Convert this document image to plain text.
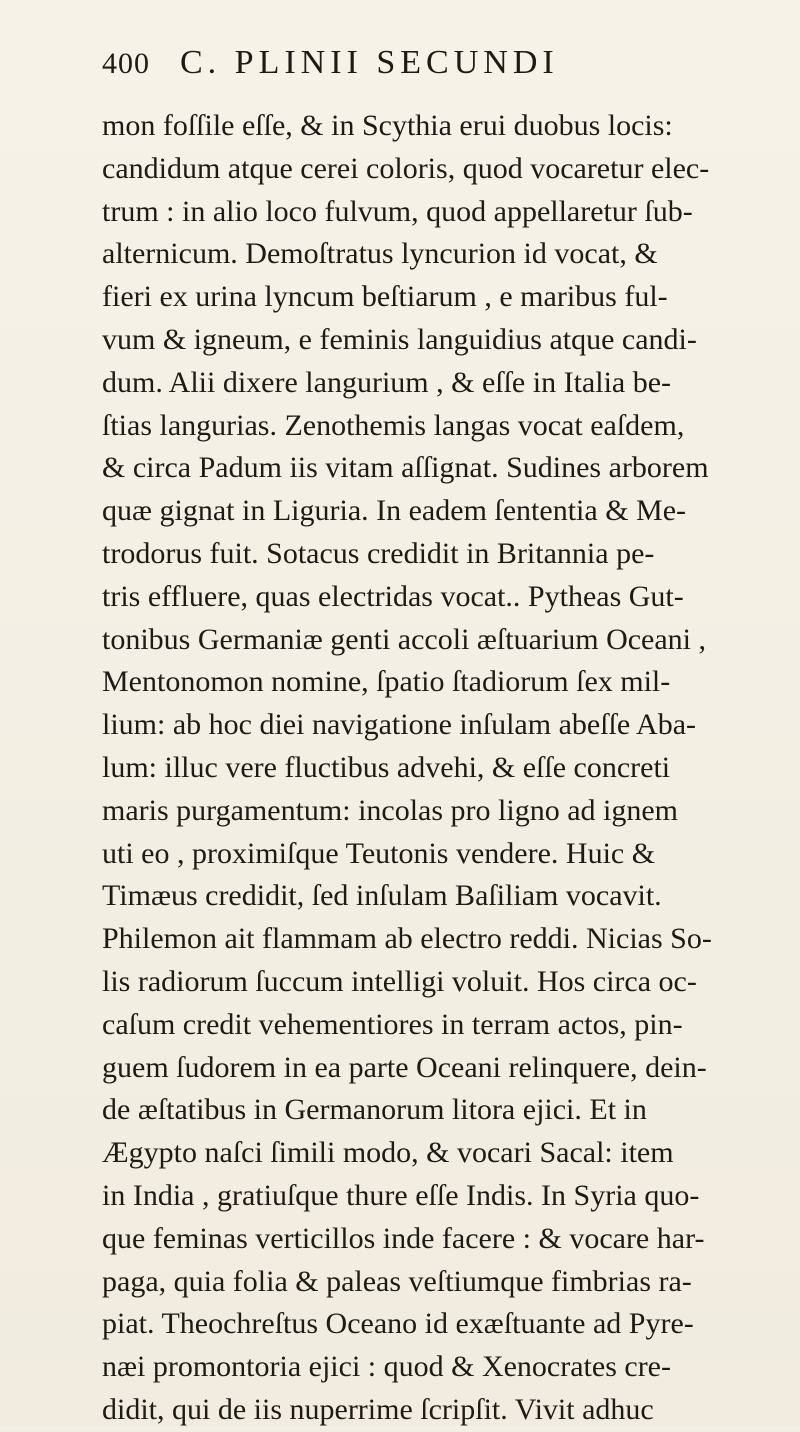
400 C. PLINII SECUNDI
mon foſſile eſſe, & in Scythia erui duobus locis:
candidum atque cerei coloris, quod vocaretur elec-
trum : in alio loco fulvum, quod appellaretur ſub-
alternicum. Demoſtratus lyncurion id vocat, &
fieri ex urina lyncum beſtiarum , e maribus ful-
vum & igneum, e feminis languidius atque candi-
dum. Alii dixere langurium , & eſſe in Italia be-
ſtias langurias. Zenothemis langas vocat eaſdem,
& circa Padum iis vitam aſſignat. Sudines arborem
quæ gignat in Liguria. In eadem ſententia & Me-
trodorus fuit. Sotacus credidit in Britannia pe-
tris effluere, quas electridas vocat.. Pytheas Gut-
tonibus Germaniæ genti accoli æſtuarium Oceani ,
Mentonomon nomine, ſpatio ſtadiorum ſex mil-
lium: ab hoc diei navigatione inſulam abeſſe Aba-
lum: illuc vere fluctibus advehi, & eſſe concreti
maris purgamentum: incolas pro ligno ad ignem
uti eo , proximiſque Teutonis vendere. Huic &
Timæus credidit, ſed inſulam Baſiliam vocavit.
Philemon ait flammam ab electro reddi. Nicias So-
lis radiorum ſuccum intelligi voluit. Hos circa oc-
caſum credit vehementiores in terram actos, pin-
guem ſudorem in ea parte Oceani relinquere, dein-
de æſtatibus in Germanorum litora ejici. Et in
Ægypto naſci ſimili modo, & vocari Sacal: item
in India , gratiuſque thure eſſe Indis. In Syria quo-
que feminas verticillos inde facere : & vocare har-
paga, quia folia & paleas veſtiumque fimbrias ra-
piat. Theochreſtus Oceano id exæſtuante ad Pyre-
næi promontoria ejici : quod & Xenocrates cre-
didit, qui de iis nuperrime ſcripſit. Vivit adhuc
